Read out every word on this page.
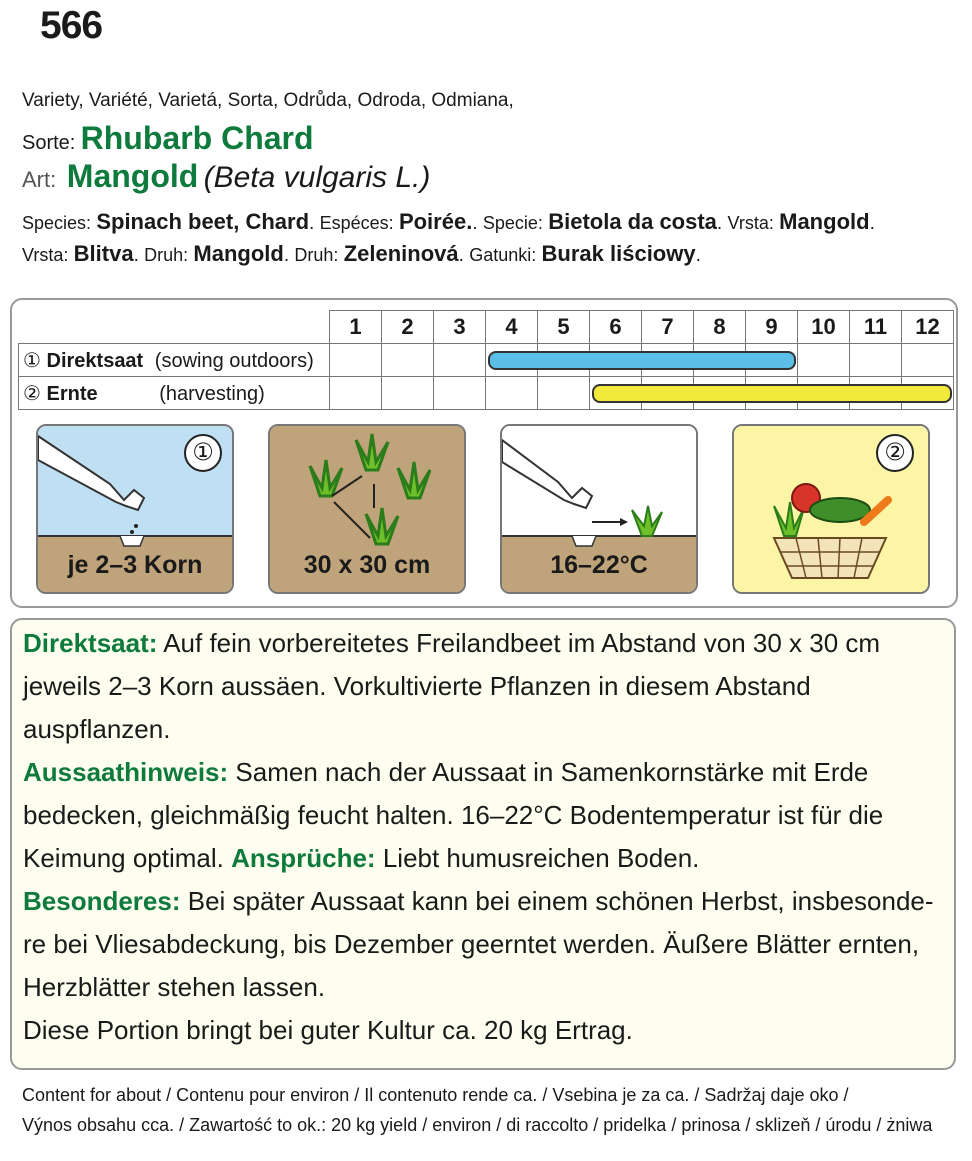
566
Variety, Variété, Varietá, Sorta, Odrůda, Odroda, Odmiana,
Sorte: Rhubarb Chard
Art: Mangold (Beta vulgaris L.)
Species: Spinach beet, Chard. Espéces: Poirée.. Specie: Bietola da costa. Vrsta: Mangold.
Vrsta: Blitva. Druh: Mangold. Druh: Zeleninová. Gatunki: Burak liściowy.
	1	2	3	4	5	6	7	8	9	10	11	12
① Direktsaat (sowing outdoors)												
② Ernte (harvesting)												
①
je 2–3 Korn	30 x 30 cm	16–22°C
②
Direktsaat: Auf fein vorbereitetes Freilandbeet im Abstand von 30 x 30 cm
jeweils 2–3 Korn aussäen. Vorkultivierte Pflanzen in diesem Abstand
auspflanzen.
Aussaathinweis: Samen nach der Aussaat in Samenkornstärke mit Erde
bedecken, gleichmäßig feucht halten. 16–22°C Bodentemperatur ist für die
Keimung optimal. Ansprüche: Liebt humusreichen Boden.
Besonderes: Bei später Aussaat kann bei einem schönen Herbst, insbesonde-
re bei Vliesabdeckung, bis Dezember geerntet werden. Äußere Blätter ernten,
Herzblätter stehen lassen.
Diese Portion bringt bei guter Kultur ca. 20 kg Ertrag.
Content for about / Contenu pour environ / Il contenuto rende ca. / Vsebina je za ca. / Sadržaj daje oko /
Výnos obsahu cca. / Zawartość to ok.: 20 kg yield / environ / di raccolto / pridelka / prinosa / sklizeň / úrodu / żniwa
